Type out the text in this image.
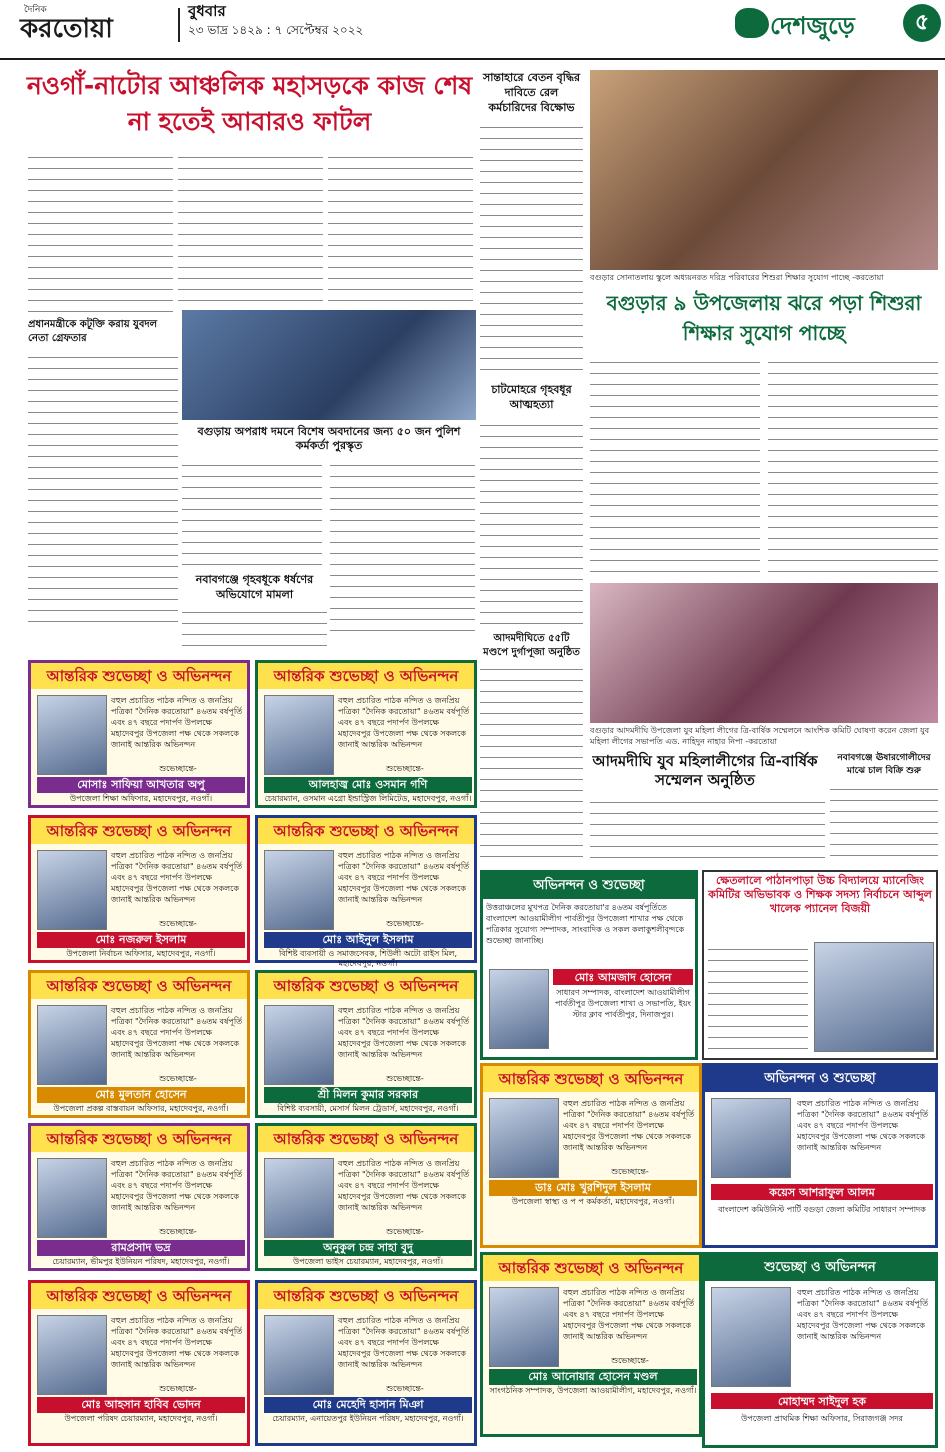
দৈনিক
করতোয়া
বুধবার
২৩ ভাদ্র ১৪২৯ : ৭ সেপ্টেম্বর ২০২২	দেশজুড়ে	৫
নওগাঁ-নাটোর আঞ্চলিক মহাসড়কে কাজ শেষ না হতেই আবারও ফাটল
সান্তাহারে বেতন বৃদ্ধির দাবিতে রেল কর্মচারিদের বিক্ষোভ
বগুড়ার সোনাতলায় স্কুলে অধ্যয়নরত দরিদ্র পরিবারের শিশুরা শিক্ষার সুযোগ পাচ্ছে -করতোয়া
বগুড়ার ৯ উপজেলায় ঝরে পড়া শিশুরা শিক্ষার সুযোগ পাচ্ছে
প্রধানমন্ত্রীকে কটূক্তি করায় যুবদল নেতা গ্রেফতার
বগুড়ায় অপরাধ দমনে বিশেষ অবদানের জন্য ৫০ জন পুলিশ কর্মকর্তা পুরস্কৃত
চাটমোহরে গৃহবধূর আত্মহত্যা
নবাবগঞ্জে গৃহবধূকে ধর্ষণের অভিযোগে মামলা
আদমদীঘিতে ৫৫টি মণ্ডপে দুর্গাপূজা অনুষ্ঠিত
বগুড়ার আদমদীঘি উপজেলা যুব মহিলা লীগের ত্রি-বার্ষিক সম্মেলনে আংশিক কমিটি ঘোষণা করেন জেলা যুব মহিলা লীগের সভাপতি এড. নাহিদুন নাহার নিপা -করতোয়া
আদমদীঘি যুব মহিলালীগের ত্রি-বার্ষিক সম্মেলন অনুষ্ঠিত
নবাবগঞ্জে ঊষারগোলীদের মাঝে চাল বিক্রি শুরু
আন্তরিক শুভেচ্ছা ও অভিনন্দন
বহুল প্রচারিত পাঠক নন্দিত ও জনপ্রিয় পত্রিকা "দৈনিক করতোয়া" ৪৬তম বর্ষপূর্তি এবং ৪৭ বছরে পদার্পণ উপলক্ষে মহাদেবপুর উপজেলা পক্ষ থেকে সকলকে জানাই আন্তরিক অভিনন্দন
শুভেচ্ছান্তে-
মোসাঃ সাফিয়া আখতার অপু
উপজেলা শিক্ষা অফিসার, মহাদেবপুর, নওগাঁ।
আন্তরিক শুভেচ্ছা ও অভিনন্দন
বহুল প্রচারিত পাঠক নন্দিত ও জনপ্রিয় পত্রিকা "দৈনিক করতোয়া" ৪৬তম বর্ষপূর্তি এবং ৪৭ বছরে পদার্পণ উপলক্ষে মহাদেবপুর উপজেলা পক্ষ থেকে সকলকে জানাই আন্তরিক অভিনন্দন
শুভেচ্ছান্তে-
আলহাজ্ব মোঃ ওসমান গণি
চেয়ারম্যান, ওসমান এগ্রো ইন্ডাস্ট্রিজ লিমিটেড, মহাদেবপুর, নওগাঁ।
আন্তরিক শুভেচ্ছা ও অভিনন্দন
বহুল প্রচারিত পাঠক নন্দিত ও জনপ্রিয় পত্রিকা "দৈনিক করতোয়া" ৪৬তম বর্ষপূর্তি এবং ৪৭ বছরে পদার্পণ উপলক্ষে মহাদেবপুর উপজেলা পক্ষ থেকে সকলকে জানাই আন্তরিক অভিনন্দন
শুভেচ্ছান্তে-
মোঃ নজরুল ইসলাম
উপজেলা নির্বাচন অফিসার, মহাদেবপুর, নওগাঁ।
আন্তরিক শুভেচ্ছা ও অভিনন্দন
বহুল প্রচারিত পাঠক নন্দিত ও জনপ্রিয় পত্রিকা "দৈনিক করতোয়া" ৪৬তম বর্ষপূর্তি এবং ৪৭ বছরে পদার্পণ উপলক্ষে মহাদেবপুর উপজেলা পক্ষ থেকে সকলকে জানাই আন্তরিক অভিনন্দন
শুভেচ্ছান্তে-
মোঃ আইনুল ইসলাম
বিশিষ্ট ব্যবসায়ী ও সমাজসেবক, শিউলী অটো রাইস মিল, মহাদেবপুর, নওগাঁ।
আন্তরিক শুভেচ্ছা ও অভিনন্দন
বহুল প্রচারিত পাঠক নন্দিত ও জনপ্রিয় পত্রিকা "দৈনিক করতোয়া" ৪৬তম বর্ষপূর্তি এবং ৪৭ বছরে পদার্পণ উপলক্ষে মহাদেবপুর উপজেলা পক্ষ থেকে সকলকে জানাই আন্তরিক অভিনন্দন
শুভেচ্ছান্তে-
মোঃ মুলতান হোসেন
উপজেলা প্রকল্প বাস্তবায়ন অফিসার, মহাদেবপুর, নওগাঁ।
আন্তরিক শুভেচ্ছা ও অভিনন্দন
বহুল প্রচারিত পাঠক নন্দিত ও জনপ্রিয় পত্রিকা "দৈনিক করতোয়া" ৪৬তম বর্ষপূর্তি এবং ৪৭ বছরে পদার্পণ উপলক্ষে মহাদেবপুর উপজেলা পক্ষ থেকে সকলকে জানাই আন্তরিক অভিনন্দন
শুভেচ্ছান্তে-
শ্রী মিলন কুমার সরকার
বিশিষ্ট ব্যবসায়ী, মেসার্স মিলন ট্রেডার্স, মহাদেবপুর, নওগাঁ।
আন্তরিক শুভেচ্ছা ও অভিনন্দন
বহুল প্রচারিত পাঠক নন্দিত ও জনপ্রিয় পত্রিকা "দৈনিক করতোয়া" ৪৬তম বর্ষপূর্তি এবং ৪৭ বছরে পদার্পণ উপলক্ষে মহাদেবপুর উপজেলা পক্ষ থেকে সকলকে জানাই আন্তরিক অভিনন্দন
শুভেচ্ছান্তে-
রামপ্রসাদ ভদ্র
চেয়ারম্যান, ভীমপুর ইউনিয়ন পরিষদ, মহাদেবপুর, নওগাঁ।
আন্তরিক শুভেচ্ছা ও অভিনন্দন
বহুল প্রচারিত পাঠক নন্দিত ও জনপ্রিয় পত্রিকা "দৈনিক করতোয়া" ৪৬তম বর্ষপূর্তি এবং ৪৭ বছরে পদার্পণ উপলক্ষে মহাদেবপুর উপজেলা পক্ষ থেকে সকলকে জানাই আন্তরিক অভিনন্দন
শুভেচ্ছান্তে-
অনুকুল চন্দ্র সাহা বুদু
উপজেলা ভাইস চেয়ারম্যান, মহাদেবপুর, নওগাঁ।
আন্তরিক শুভেচ্ছা ও অভিনন্দন
বহুল প্রচারিত পাঠক নন্দিত ও জনপ্রিয় পত্রিকা "দৈনিক করতোয়া" ৪৬তম বর্ষপূর্তি এবং ৪৭ বছরে পদার্পণ উপলক্ষে মহাদেবপুর উপজেলা পক্ষ থেকে সকলকে জানাই আন্তরিক অভিনন্দন
শুভেচ্ছান্তে-
মোঃ আহসান হাবিব ভোদন
উপজেলা পরিষদ চেয়ারম্যান, মহাদেবপুর, নওগাঁ।
আন্তরিক শুভেচ্ছা ও অভিনন্দন
বহুল প্রচারিত পাঠক নন্দিত ও জনপ্রিয় পত্রিকা "দৈনিক করতোয়া" ৪৬তম বর্ষপূর্তি এবং ৪৭ বছরে পদার্পণ উপলক্ষে মহাদেবপুর উপজেলা পক্ষ থেকে সকলকে জানাই আন্তরিক অভিনন্দন
শুভেচ্ছান্তে-
মোঃ মেহেদি হাসান মিঞা
চেয়ারম্যান, এনায়েতপুর ইউনিয়ন পরিষদ, মহাদেবপুর, নওগাঁ।
আন্তরিক শুভেচ্ছা ও অভিনন্দন
বহুল প্রচারিত পাঠক নন্দিত ও জনপ্রিয় পত্রিকা "দৈনিক করতোয়া" ৪৬তম বর্ষপূর্তি এবং ৪৭ বছরে পদার্পণ উপলক্ষে মহাদেবপুর উপজেলা পক্ষ থেকে সকলকে জানাই আন্তরিক অভিনন্দন
শুভেচ্ছান্তে-
ডাঃ মোঃ খুরশিদুল ইসলাম
উপজেলা স্বাস্থ্য ও প প কর্মকর্তা, মহাদেবপুর, নওগাঁ।
আন্তরিক শুভেচ্ছা ও অভিনন্দন
বহুল প্রচারিত পাঠক নন্দিত ও জনপ্রিয় পত্রিকা "দৈনিক করতোয়া" ৪৬তম বর্ষপূর্তি এবং ৪৭ বছরে পদার্পণ উপলক্ষে মহাদেবপুর উপজেলা পক্ষ থেকে সকলকে জানাই আন্তরিক অভিনন্দন
শুভেচ্ছান্তে-
মোঃ আনোয়ার হোসেন মণ্ডল
সাংগঠনিক সম্পাদক, উপজেলা আওয়ামীলীগ, মহাদেবপুর, নওগাঁ।
অভিনন্দন ও শুভেচ্ছা
উত্তরাঞ্চলের মুখপত্র দৈনিক করতোয়া'র ৪৬তম বর্ষপূর্তিতে বাংলাদেশ আওয়ামীলীগ পার্বতীপুর উপজেলা শাখার পক্ষ থেকে পত্রিকার সুযোগ্য সম্পাদক, সাংবাদিক ও সকল কলাকুশলীবৃন্দকে শুভেচ্ছা জানাচ্ছি।
মোঃ আমজাদ হোসেন
সাধারণ সম্পাদক, বাংলাদেশ আওয়ামীলীগ পার্বতীপুর উপজেলা শাখা ও সভাপতি, ইয়ং স্টার ক্লাব পার্বতীপুর, দিনাজপুর।
ক্ষেতলালে পাঠানপাড়া উচ্চ বিদ্যালয়ে ম্যানেজিং কমিটির অভিভাবক ও শিক্ষক সদস্য নির্বাচনে আব্দুল খালেক প্যানেল বিজয়ী
অভিনন্দন ও শুভেচ্ছা
বহুল প্রচারিত পাঠক নন্দিত ও জনপ্রিয় পত্রিকা "দৈনিক করতোয়া" ৪৬তম বর্ষপূর্তি এবং ৪৭ বছরে পদার্পণ উপলক্ষে মহাদেবপুর উপজেলা পক্ষ থেকে সকলকে জানাই আন্তরিক অভিনন্দন
কয়েস আশরাফুল আলম
বাংলাদেশ কমিউনিস্ট পার্টি বগুড়া জেলা কমিটির সাধারণ সম্পাদক
শুভেচ্ছা ও অভিনন্দন
বহুল প্রচারিত পাঠক নন্দিত ও জনপ্রিয় পত্রিকা "দৈনিক করতোয়া" ৪৬তম বর্ষপূর্তি এবং ৪৭ বছরে পদার্পণ উপলক্ষে মহাদেবপুর উপজেলা পক্ষ থেকে সকলকে জানাই আন্তরিক অভিনন্দন
মোহাম্মদ সাইদুল হক
উপজেলা প্রাথমিক শিক্ষা অফিসার, সিরাজগঞ্জ সদর
